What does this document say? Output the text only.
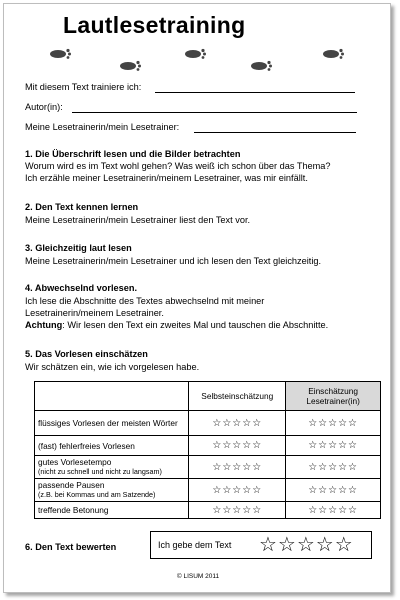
Lautlesetraining
Mit diesem Text trainiere ich:
Autor(in):
Meine Lesetrainerin/mein Lesetrainer:
1. Die Überschrift lesen und die Bilder betrachten
Worum wird es im Text wohl gehen? Was weiß ich schon über das Thema?
Ich erzähle meiner Lesetrainerin/meinem Lesetrainer, was mir einfällt.
2. Den Text kennen lernen
Meine Lesetrainerin/mein Lesetrainer liest den Text vor.
3. Gleichzeitig laut lesen
Meine Lesetrainerin/mein Lesetrainer und ich lesen den Text gleichzeitig.
4. Abwechselnd vorlesen.
Ich lese die Abschnitte des Textes abwechselnd mit meiner
Lesetrainerin/meinem Lesetrainer.
Achtung: Wir lesen den Text ein zweites Mal und tauschen die Abschnitte.
5. Das Vorlesen einschätzen
Wir schätzen ein, wie ich vorgelesen habe.
	Selbsteinschätzung	Einschätzung Lesetrainer(in)
flüssiges Vorlesen der meisten Wörter	☆☆☆☆☆	☆☆☆☆☆
(fast) fehlerfreies Vorlesen	☆☆☆☆☆	☆☆☆☆☆

gutes Vorlesetempo
(nicht zu schnell und nicht zu langsam)	☆☆☆☆☆	☆☆☆☆☆

passende Pausen
(z.B. bei Kommas und am Satzende)	☆☆☆☆☆	☆☆☆☆☆
treffende Betonung	☆☆☆☆☆	☆☆☆☆☆
6. Den Text bewerten	Ich gebe dem Text ☆☆☆☆☆
© LISUM 2011
